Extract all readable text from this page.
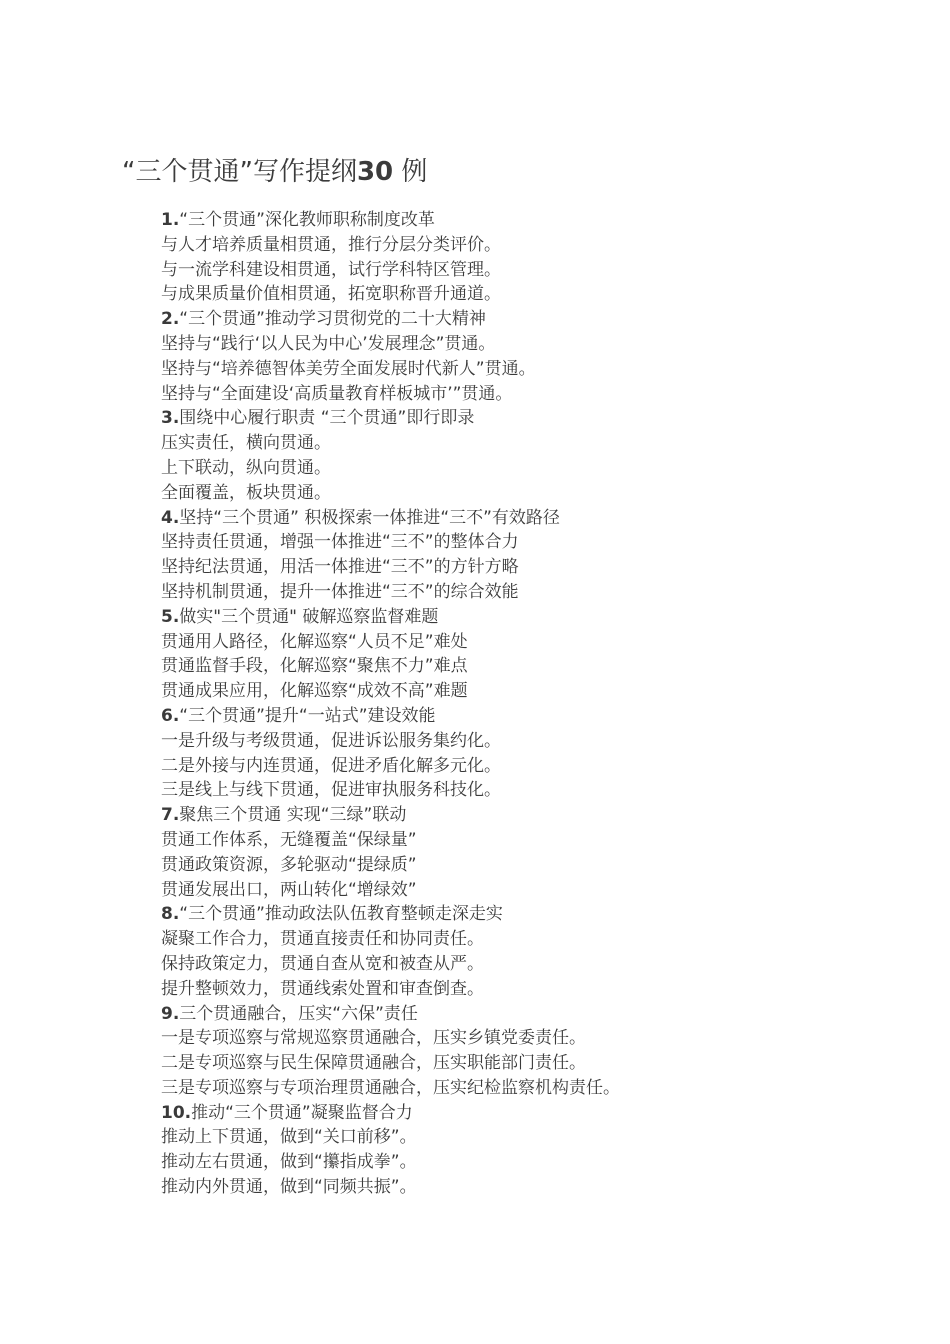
“三个贯通”写作提纲30 例
1.“三个贯通”深化教师职称制度改革
与人才培养质量相贯通，推行分层分类评价。
与一流学科建设相贯通，试行学科特区管理。
与成果质量价值相贯通，拓宽职称晋升通道。
2.“三个贯通”推动学习贯彻党的二十大精神
坚持与“践行‘以人民为中心’发展理念”贯通。
坚持与“培养德智体美劳全面发展时代新人”贯通。
坚持与“全面建设‘高质量教育样板城市’”贯通。
3.围绕中心履行职责 “三个贯通”即行即录
压实责任，横向贯通。
上下联动，纵向贯通。
全面覆盖，板块贯通。
4.坚持“三个贯通” 积极探索一体推进“三不”有效路径
坚持责任贯通，增强一体推进“三不”的整体合力
坚持纪法贯通，用活一体推进“三不”的方针方略
坚持机制贯通，提升一体推进“三不”的综合效能
5.做实"三个贯通" 破解巡察监督难题
贯通用人路径，化解巡察“人员不足”难处
贯通监督手段，化解巡察“聚焦不力”难点
贯通成果应用，化解巡察“成效不高”难题
6.“三个贯通”提升“一站式”建设效能
一是升级与考级贯通，促进诉讼服务集约化。
二是外接与内连贯通，促进矛盾化解多元化。
三是线上与线下贯通，促进审执服务科技化。
7.聚焦三个贯通 实现“三绿”联动
贯通工作体系，无缝覆盖“保绿量”
贯通政策资源，多轮驱动“提绿质”
贯通发展出口，两山转化“增绿效”
8.“三个贯通”推动政法队伍教育整顿走深走实
凝聚工作合力，贯通直接责任和协同责任。
保持政策定力，贯通自查从宽和被查从严。
提升整顿效力，贯通线索处置和审查倒查。
9.三个贯通融合，压实“六保”责任
一是专项巡察与常规巡察贯通融合，压实乡镇党委责任。
二是专项巡察与民生保障贯通融合，压实职能部门责任。
三是专项巡察与专项治理贯通融合，压实纪检监察机构责任。
10.推动“三个贯通”凝聚监督合力
推动上下贯通，做到“关口前移”。
推动左右贯通，做到“攥指成拳”。
推动内外贯通，做到“同频共振”。
